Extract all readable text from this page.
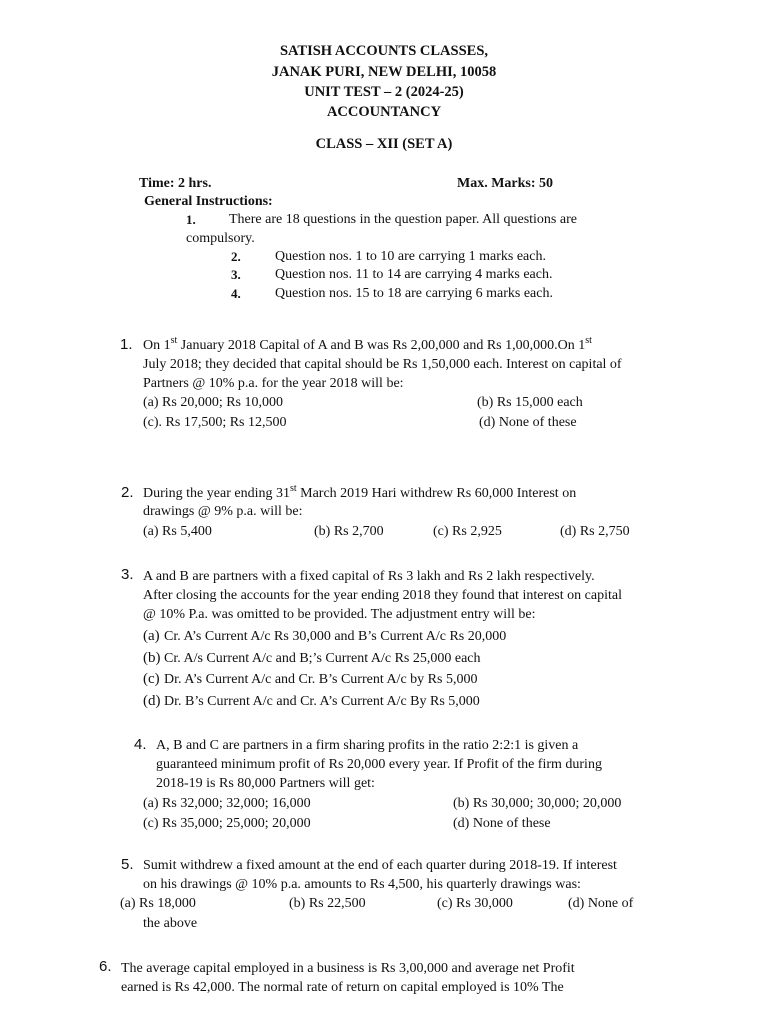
SATISH ACCOUNTS CLASSES,
JANAK PURI, NEW DELHI, 10058
UNIT TEST – 2 (2024-25)
ACCOUNTANCY
CLASS – XII (SET A)
Time: 2 hrs.	Max. Marks: 50
General Instructions:
1. There are 18 questions in the question paper. All questions are
compulsory.
2. Question nos. 1 to 10 are carrying 1 marks each.
3. Question nos. 11 to 14 are carrying 4 marks each.
4. Question nos. 15 to 18 are carrying 6 marks each.
1. On 1st January 2018 Capital of A and B was Rs 2,00,000 and Rs 1,00,000.On 1st
July 2018; they decided that capital should be Rs 1,50,000 each. Interest on capital of
Partners @ 10% p.a. for the year 2018 will be:
(a) Rs 20,000; Rs 10,000	(b) Rs 15,000 each
(c). Rs 17,500; Rs 12,500	(d) None of these
2. During the year ending 31st March 2019 Hari withdrew Rs 60,000 Interest on
drawings @ 9% p.a. will be:
(a) Rs 5,400	(b) Rs 2,700	(c) Rs 2,925	(d) Rs 2,750
3. A and B are partners with a fixed capital of Rs 3 lakh and Rs 2 lakh respectively.
After closing the accounts for the year ending 2018 they found that interest on capital
@ 10% P.a. was omitted to be provided. The adjustment entry will be:
(a) Cr. A’s Current A/c Rs 30,000 and B’s Current A/c Rs 20,000
(b) Cr. A/s Current A/c and B;’s Current A/c Rs 25,000 each
(c) Dr. A’s Current A/c and Cr. B’s Current A/c by Rs 5,000
(d) Dr. B’s Current A/c and Cr. A’s Current A/c By Rs 5,000
4. A, B and C are partners in a firm sharing profits in the ratio 2:2:1 is given a
guaranteed minimum profit of Rs 20,000 every year. If Profit of the firm during
2018-19 is Rs 80,000 Partners will get:
(a) Rs 32,000; 32,000; 16,000	(b) Rs 30,000; 30,000; 20,000
(c) Rs 35,000; 25,000; 20,000	(d) None of these
5. Sumit withdrew a fixed amount at the end of each quarter during 2018-19. If interest
on his drawings @ 10% p.a. amounts to Rs 4,500, his quarterly drawings was:
(a) Rs 18,000	(b) Rs 22,500	(c) Rs 30,000	(d) None of
the above
6. The average capital employed in a business is Rs 3,00,000 and average net Profit
earned is Rs 42,000. The normal rate of return on capital employed is 10% The
